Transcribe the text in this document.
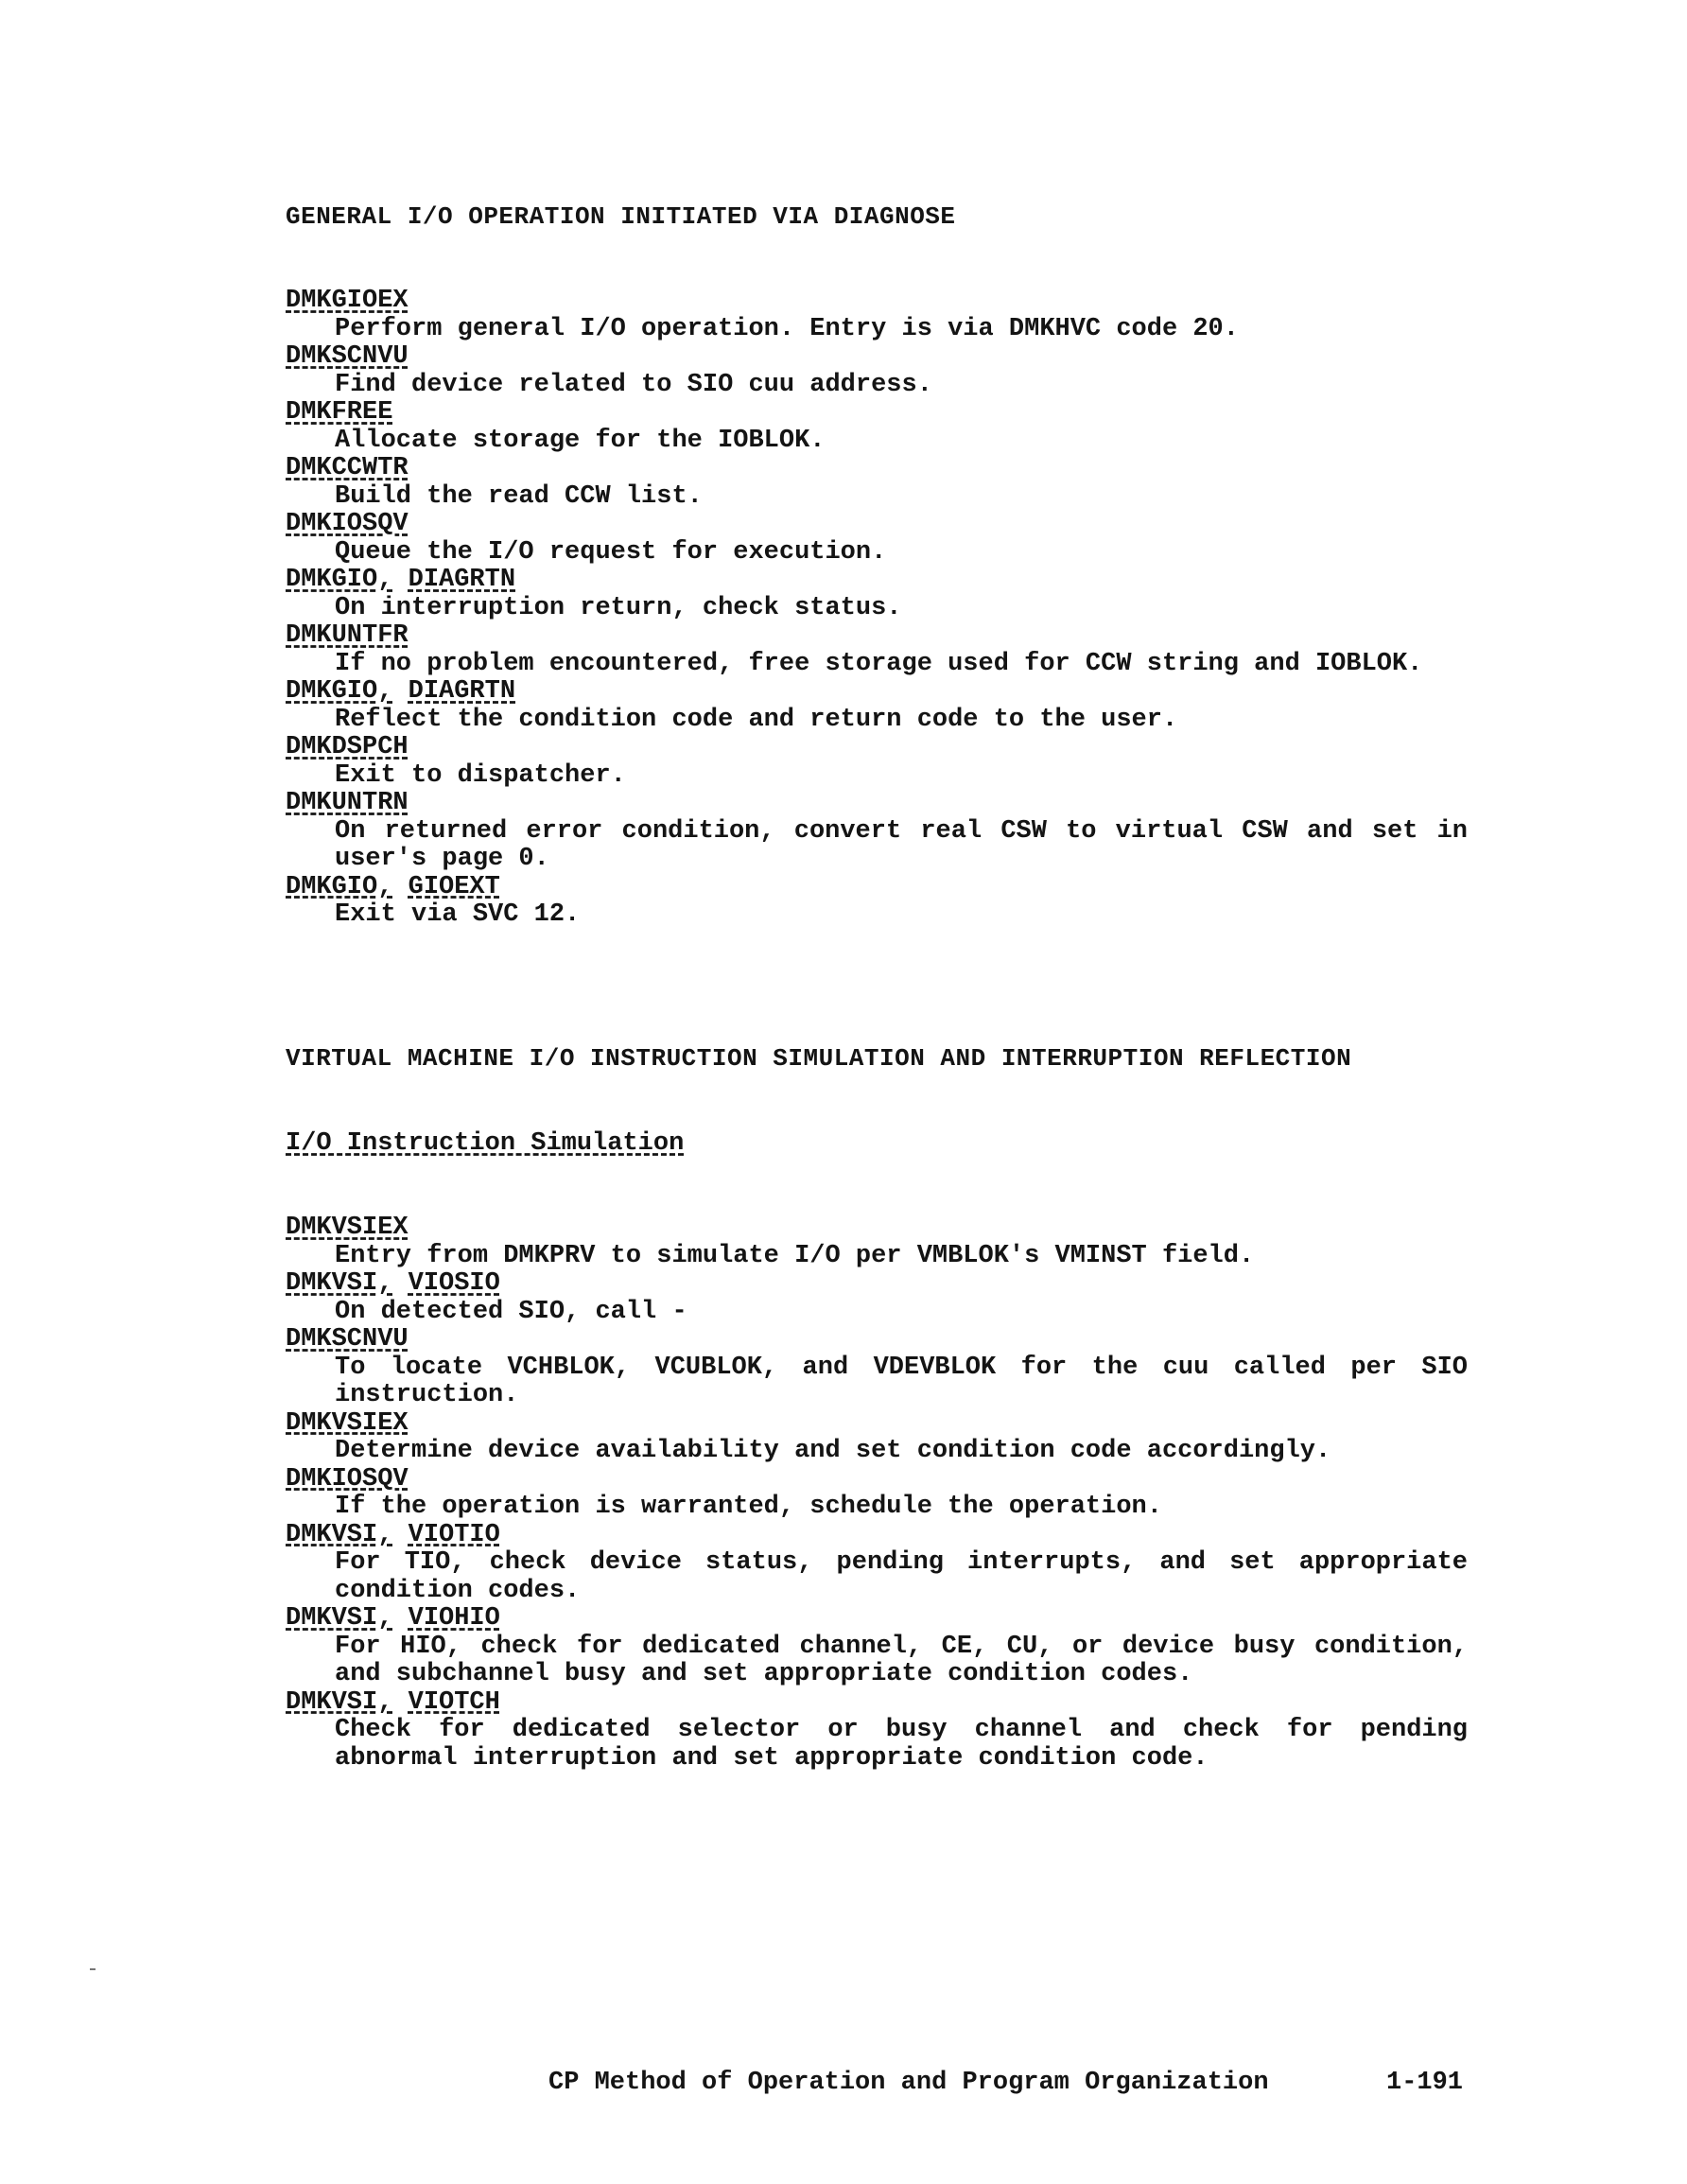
GENERAL I/O OPERATION INITIATED VIA DIAGNOSE
DMKGIOEX
Perform general I/O operation. Entry is via DMKHVC code 20.
DMKSCNVU
Find device related to SIO cuu address.
DMKFREE
Allocate storage for the IOBLOK.
DMKCCWTR
Build the read CCW list.
DMKIOSQV
Queue the I/O request for execution.
DMKGIO, DIAGRTN
On interruption return, check status.
DMKUNTFR
If no problem encountered, free storage used for CCW string and IOBLOK.
DMKGIO, DIAGRTN
Reflect the condition code and return code to the user.
DMKDSPCH
Exit to dispatcher.
DMKUNTRN
On returned error condition, convert real CSW to virtual CSW and set in user's page 0.
DMKGIO, GIOEXT
Exit via SVC 12.
VIRTUAL MACHINE I/O INSTRUCTION SIMULATION AND INTERRUPTION REFLECTION
I/O Instruction Simulation
DMKVSIEX
Entry from DMKPRV to simulate I/O per VMBLOK's VMINST field.
DMKVSI, VIOSIO
On detected SIO, call -
DMKSCNVU
To locate VCHBLOK, VCUBLOK, and VDEVBLOK for the cuu called per SIO instruction.
DMKVSIEX
Determine device availability and set condition code accordingly.
DMKIOSQV
If the operation is warranted, schedule the operation.
DMKVSI, VIOTIO
For TIO, check device status, pending interrupts, and set appropriate condition codes.
DMKVSI, VIOHIO
For HIO, check for dedicated channel, CE, CU, or device busy condition, and subchannel busy and set appropriate condition codes.
DMKVSI, VIOTCH
Check for dedicated selector or busy channel and check for pending abnormal interruption and set appropriate condition code.
CP Method of Operation and Program Organization	1-191
